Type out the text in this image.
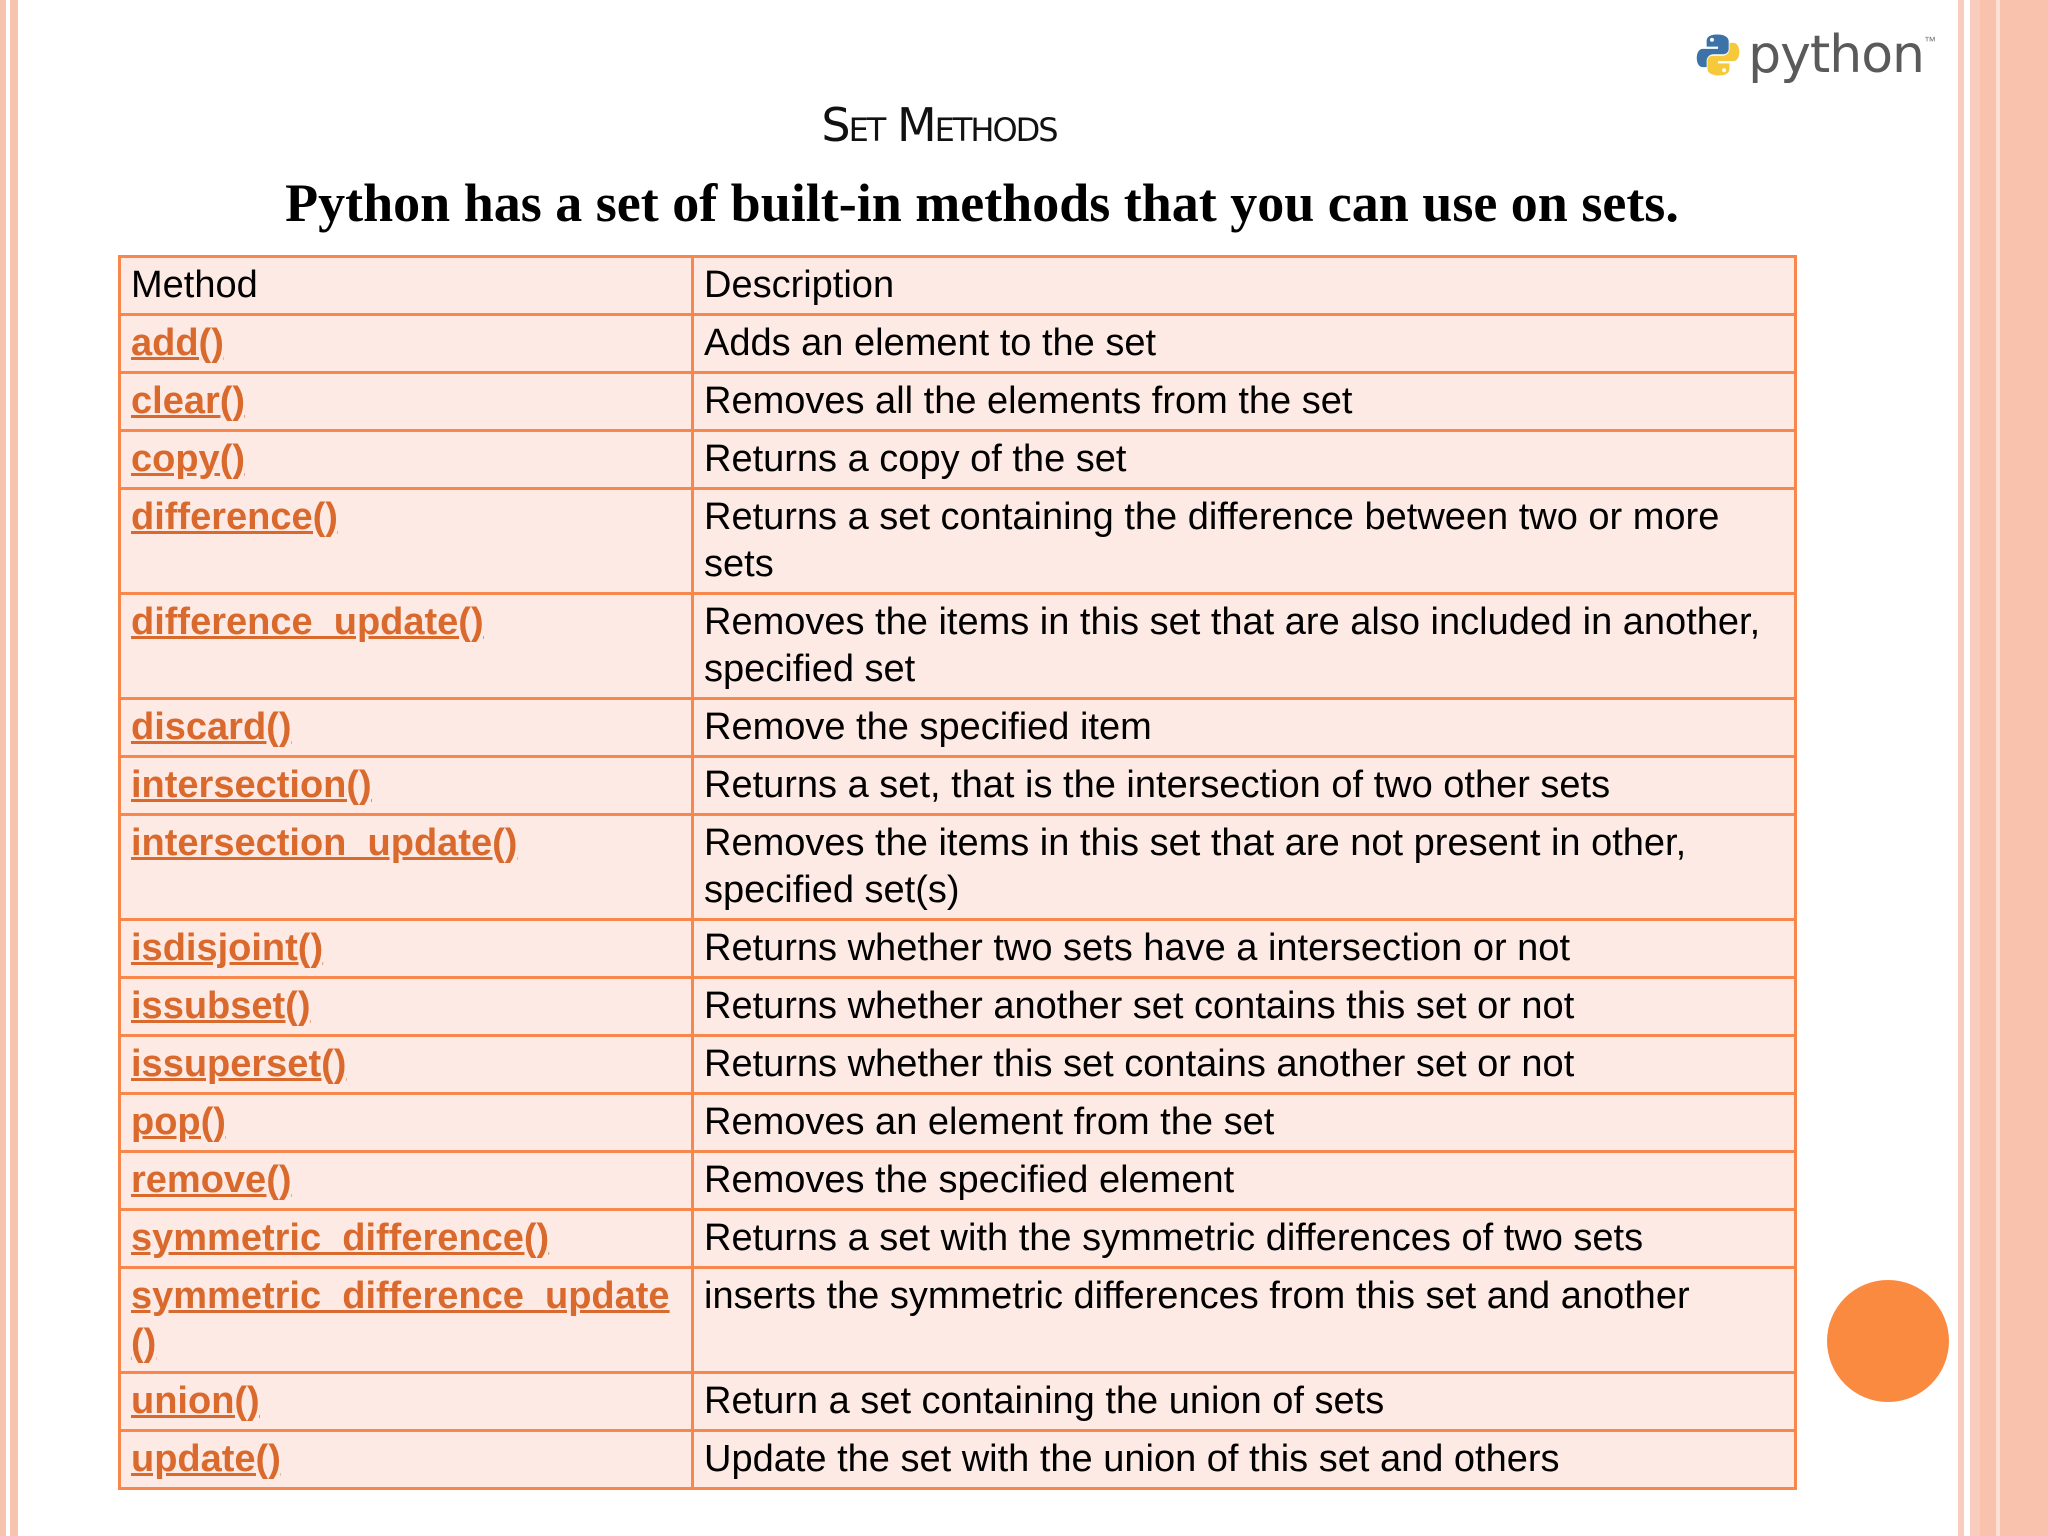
python ™
Set Methods
Python has a set of built-in methods that you can use on sets.
Method	Description
add()	Adds an element to the set
clear()	Removes all the elements from the set
copy()	Returns a copy of the set
difference()	Returns a set containing the difference between two or more sets
difference_update()	Removes the items in this set that are also included in another, specified set
discard()	Remove the specified item
intersection()	Returns a set, that is the intersection of two other sets
intersection_update()	Removes the items in this set that are not present in other, specified set(s)
isdisjoint()	Returns whether two sets have a intersection or not
issubset()	Returns whether another set contains this set or not
issuperset()	Returns whether this set contains another set or not
pop()	Removes an element from the set
remove()	Removes the specified element
symmetric_difference()	Returns a set with the symmetric differences of two sets
symmetric_difference_update()	inserts the symmetric differences from this set and another
union()	Return a set containing the union of sets
update()	Update the set with the union of this set and others
